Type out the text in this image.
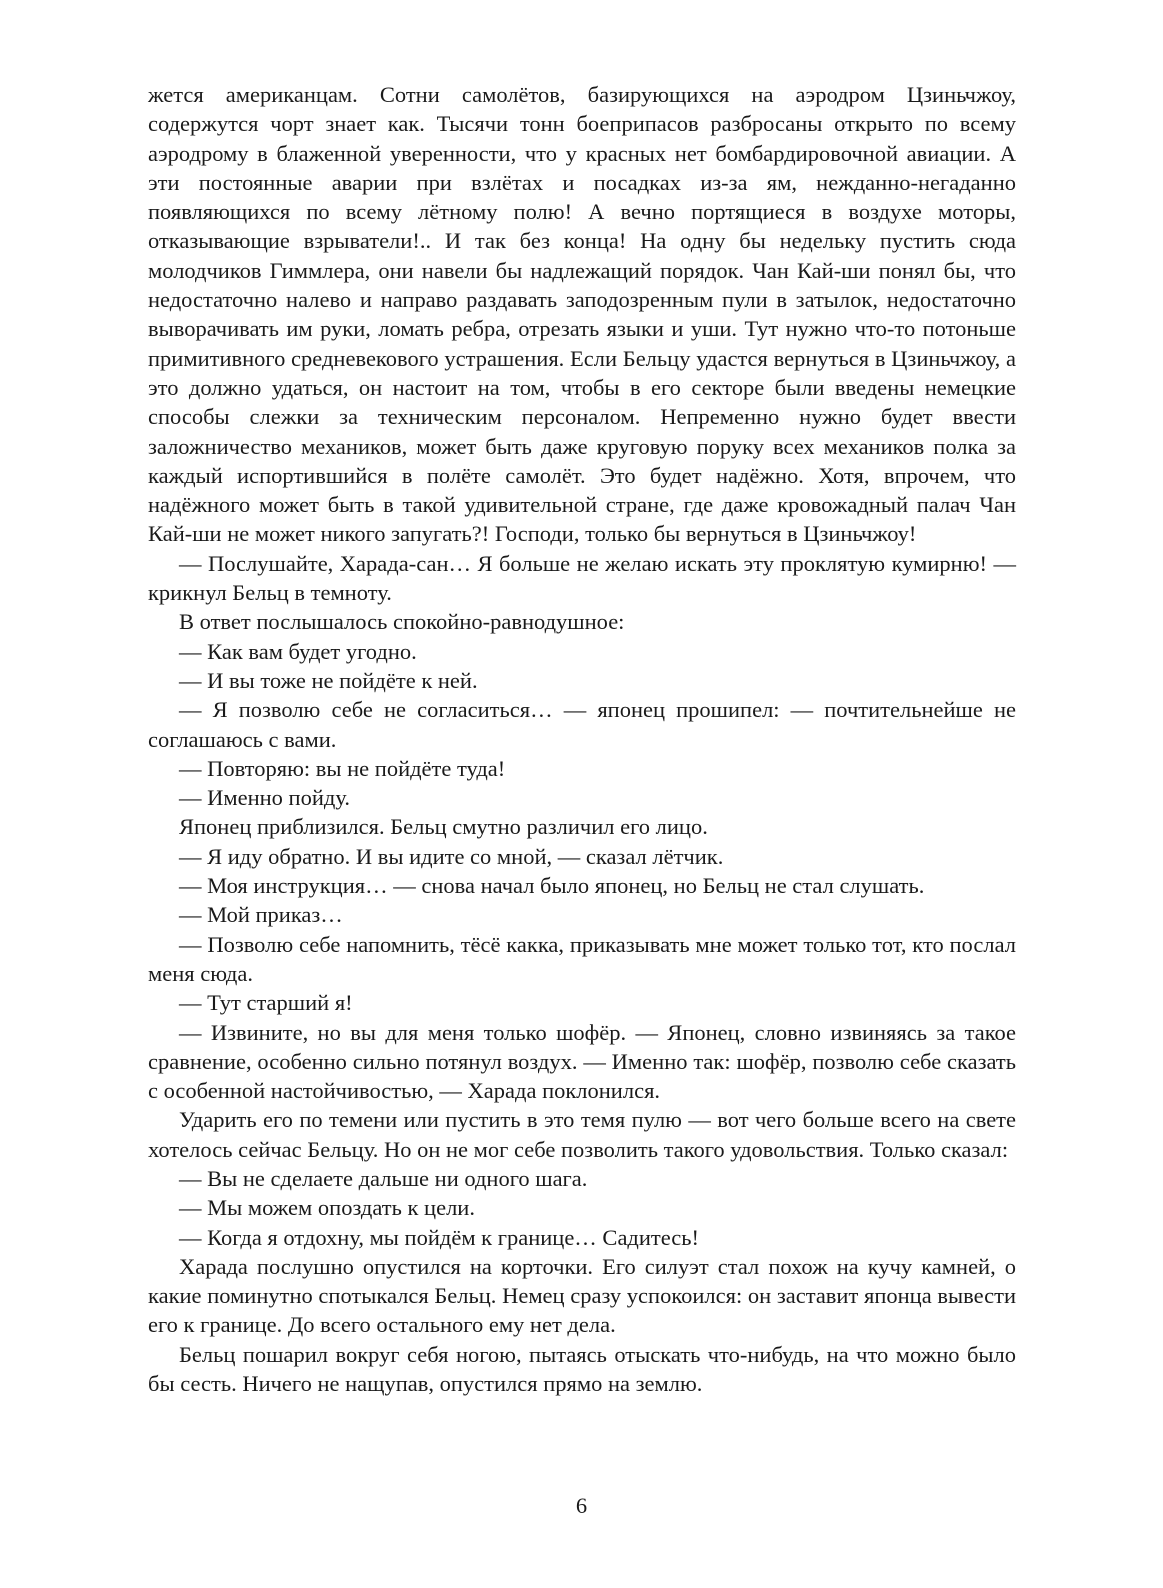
жется американцам. Сотни самолётов, базирующихся на аэродром Цзиньчжоу, содержутся чорт знает как. Тысячи тонн боеприпасов разбросаны открыто по всему аэродрому в блаженной уверенности, что у красных нет бомбардировочной авиации. А эти постоянные аварии при взлётах и посадках из-за ям, нежданно-негаданно появляющихся по всему лётному полю! А вечно портящиеся в воздухе моторы, отказывающие взрыватели!.. И так без конца! На одну бы недельку пустить сюда молодчиков Гиммлера, они навели бы надлежащий порядок. Чан Кай-ши понял бы, что недостаточно налево и направо раздавать заподозренным пули в затылок, недостаточно выворачивать им руки, ломать ребра, отрезать языки и уши. Тут нужно что-то потоньше примитивного средневекового устрашения. Если Бельцу удастся вернуться в Цзиньчжоу, а это должно удаться, он настоит на том, чтобы в его секторе были введены немецкие способы слежки за техническим персоналом. Непременно нужно будет ввести заложничество механиков, может быть даже круговую поруку всех механиков полка за каждый испортившийся в полёте самолёт. Это будет надёжно. Хотя, впрочем, что надёжного может быть в такой удивительной стране, где даже кровожадный палач Чан Кай-ши не может никого запугать?! Господи, только бы вернуться в Цзиньчжоу!

— Послушайте, Харада-сан… Я больше не желаю искать эту проклятую кумирню! — крикнул Бельц в темноту.

В ответ послышалось спокойно-равнодушное:

— Как вам будет угодно.

— И вы тоже не пойдёте к ней.

— Я позволю себе не согласиться… — японец прошипел: — почтительнейше не соглашаюсь с вами.

— Повторяю: вы не пойдёте туда!

— Именно пойду.

Японец приблизился. Бельц смутно различил его лицо.

— Я иду обратно. И вы идите со мной, — сказал лётчик.

— Моя инструкция… — снова начал было японец, но Бельц не стал слушать.

— Мой приказ…

— Позволю себе напомнить, тёсё какка, приказывать мне может только тот, кто послал меня сюда.

— Тут старший я!

— Извините, но вы для меня только шофёр. — Японец, словно извиняясь за такое сравнение, особенно сильно потянул воздух. — Именно так: шофёр, позволю себе сказать с особенной настойчивостью, — Харада поклонился.

Ударить его по темени или пустить в это темя пулю — вот чего больше всего на свете хотелось сейчас Бельцу. Но он не мог себе позволить такого удовольствия. Только сказал:

— Вы не сделаете дальше ни одного шага.

— Мы можем опоздать к цели.

— Когда я отдохну, мы пойдём к границе… Садитесь!

Харада послушно опустился на корточки. Его силуэт стал похож на кучу камней, о какие поминутно спотыкался Бельц. Немец сразу успокоился: он заставит японца вывести его к границе. До всего остального ему нет дела.

Бельц пошарил вокруг себя ногою, пытаясь отыскать что-нибудь, на что можно было бы сесть. Ничего не нащупав, опустился прямо на землю.

6
